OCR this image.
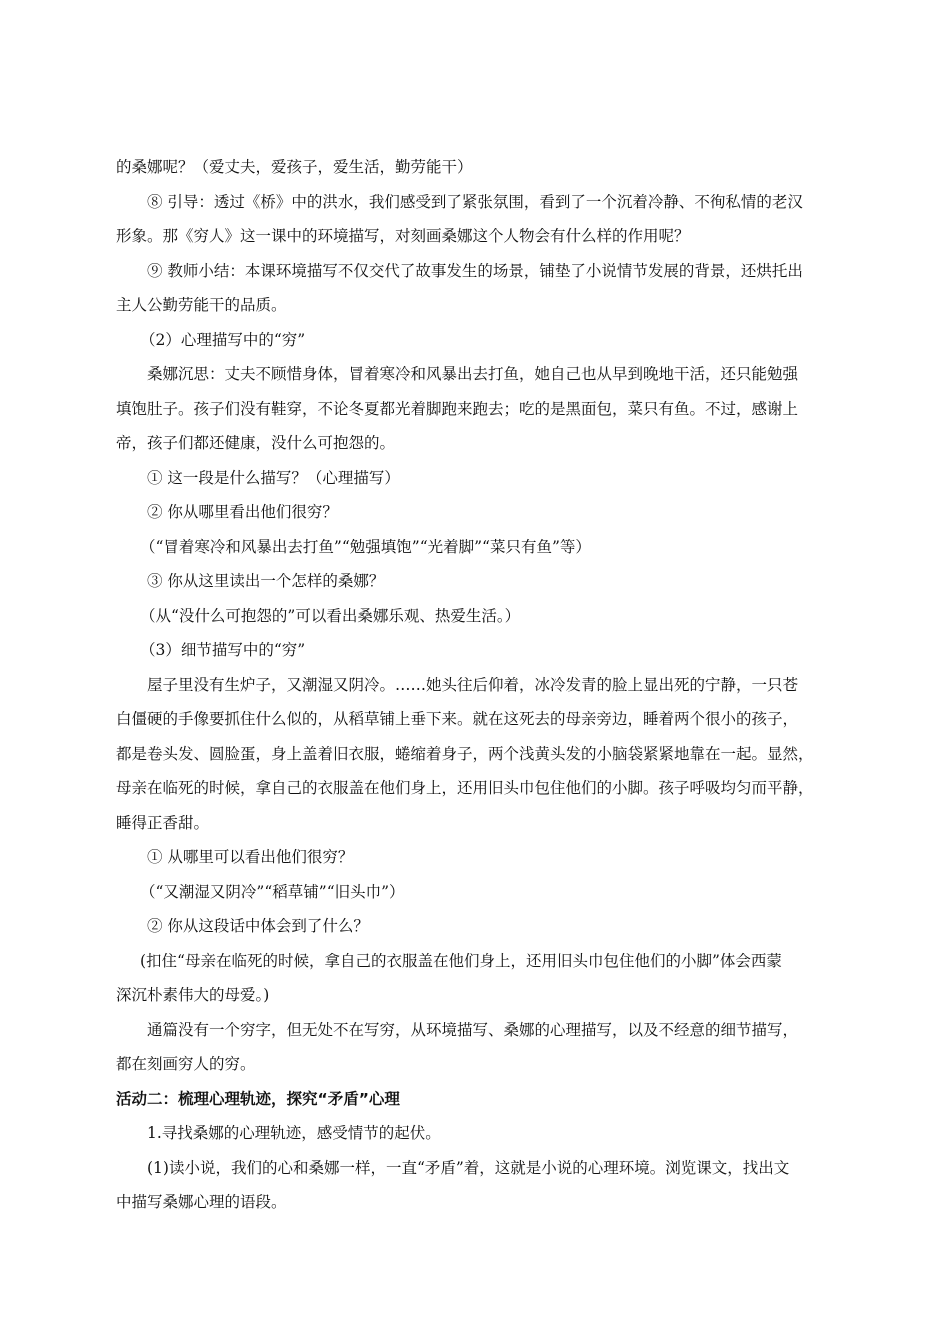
的桑娜呢？（爱丈夫，爱孩子，爱生活，勤劳能干）
⑧ 引导：透过《桥》中的洪水，我们感受到了紧张氛围，看到了一个沉着冷静、不徇私情的老汉
形象。那《穷人》这一课中的环境描写，对刻画桑娜这个人物会有什么样的作用呢？
⑨ 教师小结：本课环境描写不仅交代了故事发生的场景，铺垫了小说情节发展的背景，还烘托出
主人公勤劳能干的品质。
（2）心理描写中的“穷”
桑娜沉思：丈夫不顾惜身体，冒着寒冷和风暴出去打鱼，她自己也从早到晚地干活，还只能勉强
填饱肚子。孩子们没有鞋穿，不论冬夏都光着脚跑来跑去；吃的是黑面包，菜只有鱼。不过，感谢上
帝，孩子们都还健康，没什么可抱怨的。
① 这一段是什么描写？（心理描写）
② 你从哪里看出他们很穷？
（“冒着寒冷和风暴出去打鱼”“勉强填饱”“光着脚”“菜只有鱼”等）
③ 你从这里读出一个怎样的桑娜？
（从“没什么可抱怨的”可以看出桑娜乐观、热爱生活。）
（3）细节描写中的“穷”
屋子里没有生炉子，又潮湿又阴冷。……她头往后仰着，冰冷发青的脸上显出死的宁静，一只苍
白僵硬的手像要抓住什么似的，从稻草铺上垂下来。就在这死去的母亲旁边，睡着两个很小的孩子，
都是卷头发、圆脸蛋，身上盖着旧衣服，蜷缩着身子，两个浅黄头发的小脑袋紧紧地靠在一起。显然，
母亲在临死的时候，拿自己的衣服盖在他们身上，还用旧头巾包住他们的小脚。孩子呼吸均匀而平静，
睡得正香甜。
① 从哪里可以看出他们很穷？
（“又潮湿又阴冷”“稻草铺”“旧头巾”）
② 你从这段话中体会到了什么？
(扣住“母亲在临死的时候，拿自己的衣服盖在他们身上，还用旧头巾包住他们的小脚”体会西蒙
深沉朴素伟大的母爱。)
通篇没有一个穷字，但无处不在写穷，从环境描写、桑娜的心理描写，以及不经意的细节描写，
都在刻画穷人的穷。
活动二：梳理心理轨迹，探究“矛盾”心理
1.寻找桑娜的心理轨迹，感受情节的起伏。
(1)读小说，我们的心和桑娜一样，一直“矛盾”着，这就是小说的心理环境。浏览课文，找出文
中描写桑娜心理的语段。
